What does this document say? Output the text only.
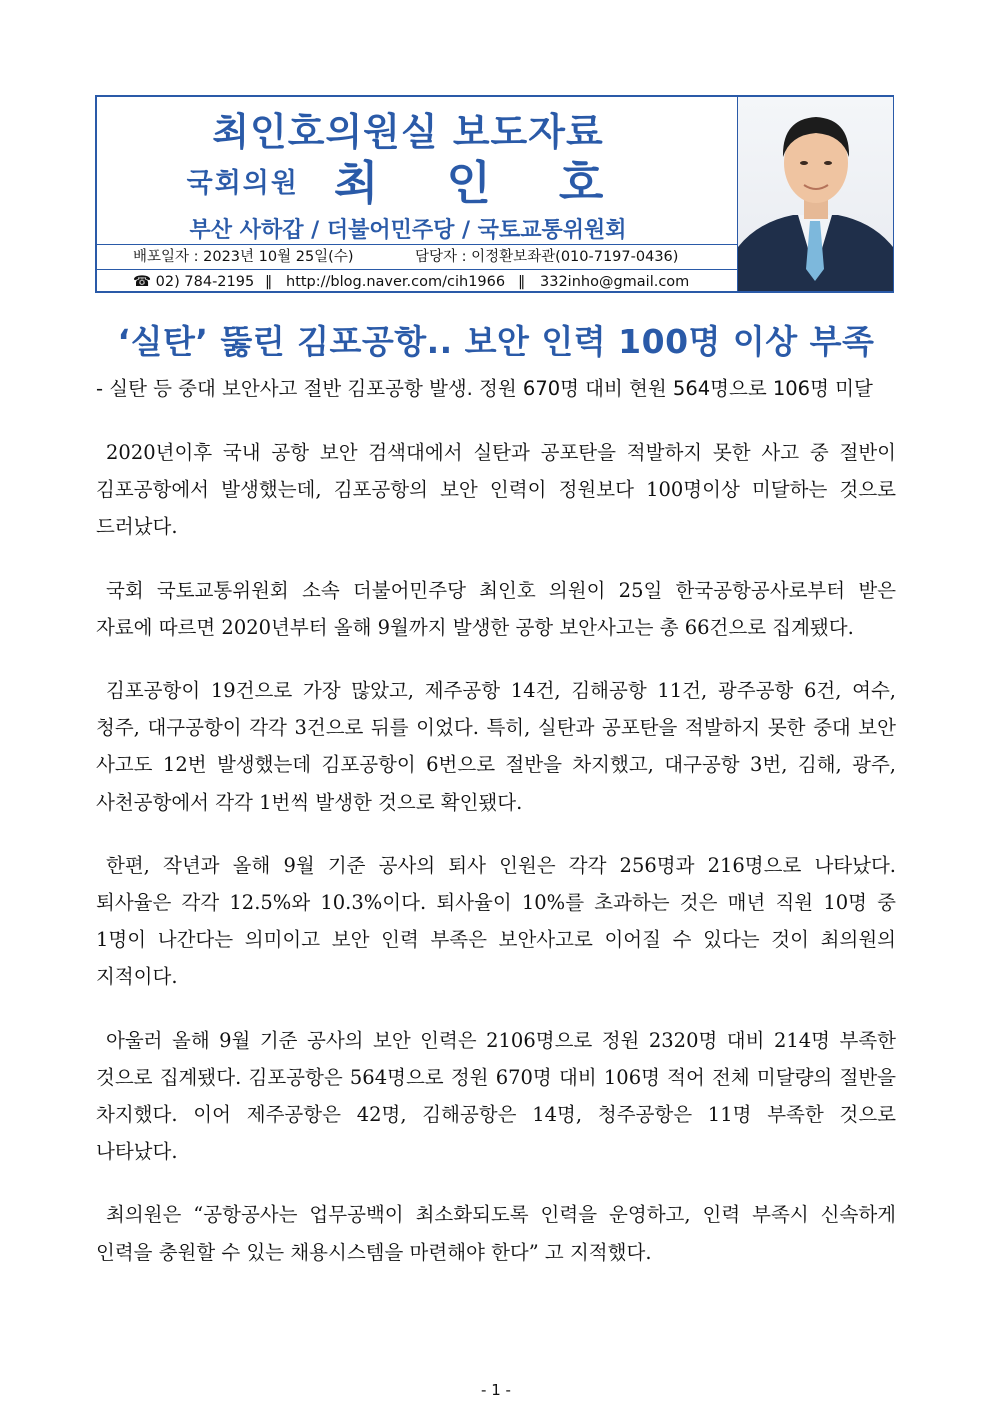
최인호의원실 보도자료
국회의원 최 인 호
부산 사하갑 / 더불어민주당 / 국토교통위원회
배포일자 : 2023년 10월 25일(수)	담당자 : 이정환보좌관(010-7197-0436)
☎ 02) 784-2195 ‖ http://blog.naver.com/cih1966 ‖ 332inho@gmail.com
‘실탄’ 뚫린 김포공항.. 보안 인력 100명 이상 부족
- 실탄 등 중대 보안사고 절반 김포공항 발생. 정원 670명 대비 현원 564명으로 106명 미달

2020년이후 국내 공항 보안 검색대에서 실탄과 공포탄을 적발하지 못한 사고 중 절반이 김포공항에서 발생했는데, 김포공항의 보안 인력이 정원보다 100명이상 미달하는 것으로 드러났다.

국회 국토교통위원회 소속 더불어민주당 최인호 의원이 25일 한국공항공사로부터 받은 자료에 따르면 2020년부터 올해 9월까지 발생한 공항 보안사고는 총 66건으로 집계됐다.

김포공항이 19건으로 가장 많았고, 제주공항 14건, 김해공항 11건, 광주공항 6건, 여수, 청주, 대구공항이 각각 3건으로 뒤를 이었다. 특히, 실탄과 공포탄을 적발하지 못한 중대 보안 사고도 12번 발생했는데 김포공항이 6번으로 절반을 차지했고, 대구공항 3번, 김해, 광주, 사천공항에서 각각 1번씩 발생한 것으로 확인됐다.

한편, 작년과 올해 9월 기준 공사의 퇴사 인원은 각각 256명과 216명으로 나타났다. 퇴사율은 각각 12.5%와 10.3%이다. 퇴사율이 10%를 초과하는 것은 매년 직원 10명 중 1명이 나간다는 의미이고 보안 인력 부족은 보안사고로 이어질 수 있다는 것이 최의원의 지적이다.

아울러 올해 9월 기준 공사의 보안 인력은 2106명으로 정원 2320명 대비 214명 부족한 것으로 집계됐다. 김포공항은 564명으로 정원 670명 대비 106명 적어 전체 미달량의 절반을 차지했다. 이어 제주공항은 42명, 김해공항은 14명, 청주공항은 11명 부족한 것으로 나타났다.

최의원은 “공항공사는 업무공백이 최소화되도록 인력을 운영하고, 인력 부족시 신속하게 인력을 충원할 수 있는 채용시스템을 마련해야 한다” 고 지적했다.

- 1 -
